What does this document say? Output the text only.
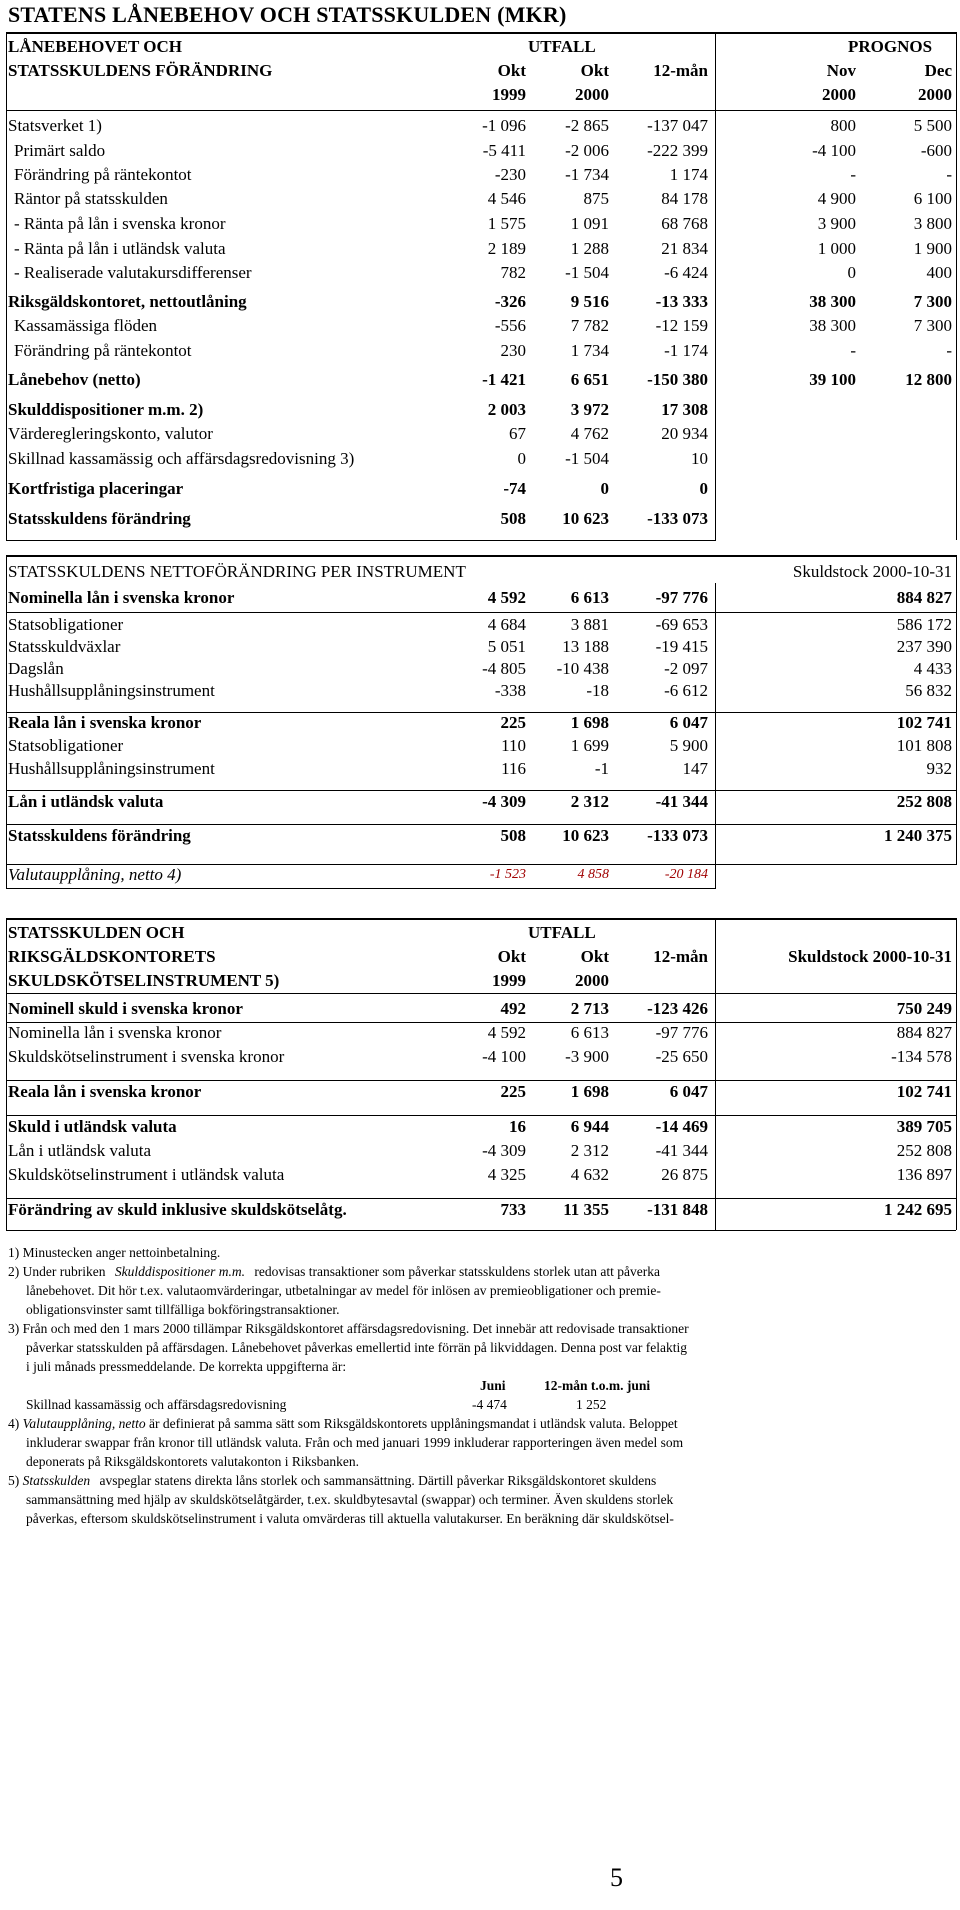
STATENS LÅNEBEHOV OCH STATSSKULDEN (MKR)
LÅNEBEHOVET OCH	UTFALL	PROGNOS
STATSSKULDENS FÖRÄNDRING	Okt	Okt	12-mån	Nov	Dec
1999	2000	2000	2000
Statsverket 1)	-1 096	-2 865	-137 047	800	5 500
Primärt saldo	-5 411	-2 006	-222 399	-4 100	-600
Förändring på räntekontot	-230	-1 734	1 174	-	-
Räntor på statsskulden	4 546	875	84 178	4 900	6 100
- Ränta på lån i svenska kronor	1 575	1 091	68 768	3 900	3 800
- Ränta på lån i utländsk valuta	2 189	1 288	21 834	1 000	1 900
- Realiserade valutakursdifferenser	782	-1 504	-6 424	0	400
Riksgäldskontoret, nettoutlåning	-326	9 516	-13 333	38 300	7 300
Kassamässiga flöden	-556	7 782	-12 159	38 300	7 300
Förändring på räntekontot	230	1 734	-1 174	-	-
Lånebehov (netto)	-1 421	6 651	-150 380	39 100	12 800
Skulddispositioner m.m. 2)	2 003	3 972	17 308
Värderegleringskonto, valutor	67	4 762	20 934
Skillnad kassamässig och affärsdagsredovisning 3)	0	-1 504	10
Kortfristiga placeringar	-74	0	0
Statsskuldens förändring	508	10 623	-133 073
STATSSKULDENS NETTOFÖRÄNDRING PER INSTRUMENT	Skuldstock 2000-10-31
Nominella lån i svenska kronor	4 592	6 613	-97 776	884 827
Statsobligationer	4 684	3 881	-69 653	586 172
Statsskuldväxlar	5 051	13 188	-19 415	237 390
Dagslån	-4 805	-10 438	-2 097	4 433
Hushållsupplåningsinstrument	-338	-18	-6 612	56 832
Reala lån i svenska kronor	225	1 698	6 047	102 741
Statsobligationer	110	1 699	5 900	101 808
Hushållsupplåningsinstrument	116	-1	147	932
Lån i utländsk valuta	-4 309	2 312	-41 344	252 808
Statsskuldens förändring	508	10 623	-133 073	1 240 375
Valutaupplåning, netto 4)	-1 523	4 858	-20 184
STATSSKULDEN OCH	UTFALL
RIKSGÄLDSKONTORETS	Okt	Okt	12-mån	Skuldstock 2000-10-31
SKULDSKÖTSELINSTRUMENT 5)	1999	2000
Nominell skuld i svenska kronor	492	2 713	-123 426	750 249
Nominella lån i svenska kronor	4 592	6 613	-97 776	884 827
Skuldskötselinstrument i svenska kronor	-4 100	-3 900	-25 650	-134 578
Reala lån i svenska kronor	225	1 698	6 047	102 741
Skuld i utländsk valuta	16	6 944	-14 469	389 705
Lån i utländsk valuta	-4 309	2 312	-41 344	252 808
Skuldskötselinstrument i utländsk valuta	4 325	4 632	26 875	136 897
Förändring av skuld inklusive skuldskötselåtg.	733	11 355	-131 848	1 242 695

1) Minustecken anger nettoinbetalning.

2) Under rubriken Skulddispositioner m.m. redovisas transaktioner som påverkar statsskuldens storlek utan att påverka

lånebehovet. Dit hör t.ex. valutaomvärderingar, utbetalningar av medel för inlösen av premieobligationer och premie-

obligationsvinster samt tillfälliga bokföringstransaktioner.

3) Från och med den 1 mars 2000 tillämpar Riksgäldskontoret affärsdagsredovisning. Det innebär att redovisade transaktioner

påverkar statsskulden på affärsdagen. Lånebehovet påverkas emellertid inte förrän på likviddagen. Denna post var felaktig

i juli månads pressmeddelande. De korrekta uppgifterna är:

Juni	12-mån t.o.m. juni

Skillnad kassamässig och affärsdagsredovisning	-4 474	1 252

4) Valutaupplåning, netto är definierat på samma sätt som Riksgäldskontorets upplåningsmandat i utländsk valuta. Beloppet

inkluderar swappar från kronor till utländsk valuta. Från och med januari 1999 inkluderar rapporteringen även medel som

deponerats på Riksgäldskontorets valutakonton i Riksbanken.

5) Statsskulden avspeglar statens direkta låns storlek och sammansättning. Därtill påverkar Riksgäldskontoret skuldens

sammansättning med hjälp av skuldskötselåtgärder, t.ex. skuldbytesavtal (swappar) och terminer. Även skuldens storlek

påverkas, eftersom skuldskötselinstrument i valuta omvärderas till aktuella valutakurser. En beräkning där skuldskötsel-

5
